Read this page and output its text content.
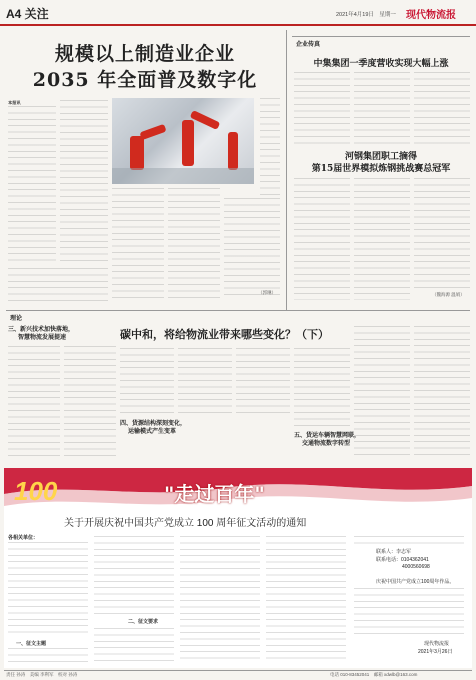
A4 关注	2021年4月19日　星期一 现代物流报
规模以上制造业企业
2035 年全面普及数字化
本报讯
（郭琳）
企业传真
中集集团一季度营收实现大幅上涨
河钢集团职工摘得
第15届世界模拟炼钢挑战赛总冠军
（魏海源 温娟）
理论
三、新兴技术加快落地，
智慧物流发展提速	碳中和，将给物流业带来哪些变化？（下）
四、货源结构深刻变化，
运输模式产生变革
五、货运车辆智慧网联，
交通物流数字转型
100
庆祝中国共产党成立100周年
Celebrating the 100th Anniversary of the Founding of The Communist Party of China
"走过百年"
关于开展庆祝中国共产党成立 100 周年征文活动的通知
各相关单位：
一、征文主题
二、征文要求
联系人：李志军
联系电话：0104362041
4000560698
庆祝中国共产党成立100周年作品。
现代物流报
2021年3月26日
责任 孙涛　美编 李利军　校对 孙涛	电话 010-83452041　邮箱 xdwlb@163.com
